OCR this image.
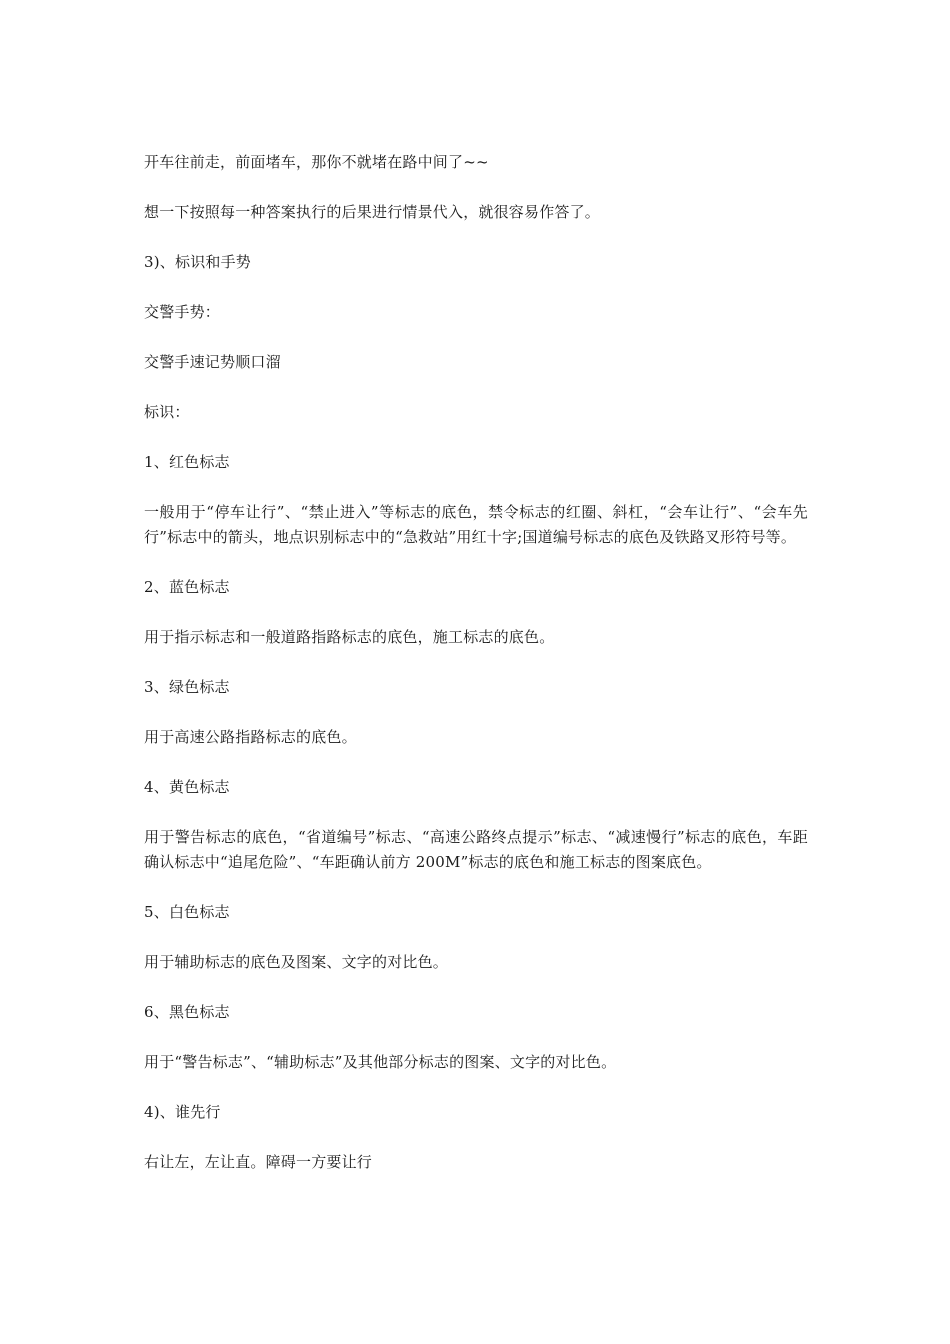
开车往前走，前面堵车，那你不就堵在路中间了~~

想一下按照每一种答案执行的后果进行情景代入，就很容易作答了。

3)、标识和手势

交警手势：

交警手速记势顺口溜

标识：

1、红色标志

一般用于“停车让行”、“禁止进入”等标志的底色，禁令标志的红圈、斜杠，“会车让行”、“会车先行”标志中的箭头，地点识别标志中的“急救站”用红十字;国道编号标志的底色及铁路叉形符号等。

2、蓝色标志

用于指示标志和一般道路指路标志的底色，施工标志的底色。

3、绿色标志

用于高速公路指路标志的底色。

4、黄色标志

用于警告标志的底色，“省道编号”标志、“高速公路终点提示”标志、“减速慢行”标志的底色，车距确认标志中“追尾危险”、“车距确认前方 200M”标志的底色和施工标志的图案底色。

5、白色标志

用于辅助标志的底色及图案、文字的对比色。

6、黑色标志

用于“警告标志”、“辅助标志”及其他部分标志的图案、文字的对比色。

4)、谁先行

右让左，左让直。障碍一方要让行
